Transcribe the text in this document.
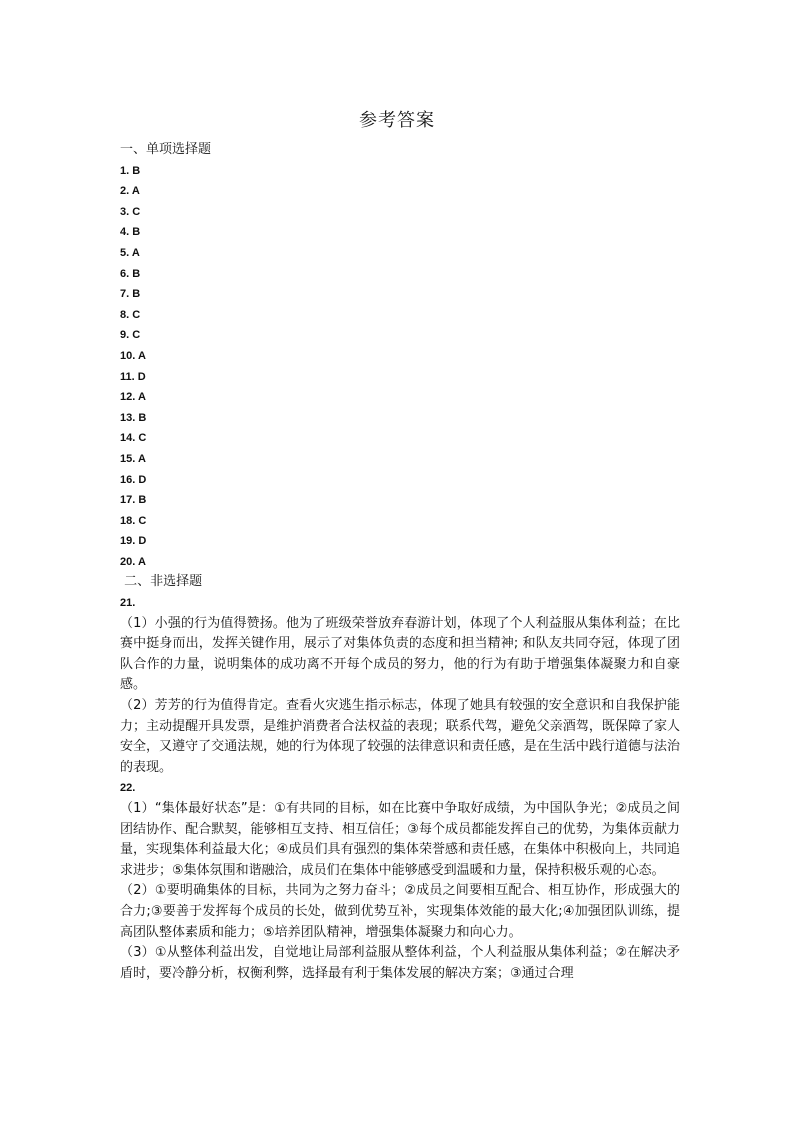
参考答案
一、单项选择题
1. B
2. A
3. C
4. B
5. A
6. B
7. B
8. C
9. C
10. A
11. D
12. A
13. B
14. C
15. A
16. D
17. B
18. C
19. D
20. A
二、非选择题
21.

（1）小强的行为值得赞扬。他为了班级荣誉放弃春游计划，体现了个人利益服从集体利益；在比赛中挺身而出，发挥关键作用，展示了对集体负责的态度和担当精神; 和队友共同夺冠，体现了团队合作的力量，说明集体的成功离不开每个成员的努力，他的行为有助于增强集体凝聚力和自豪感。

（2）芳芳的行为值得肯定。查看火灾逃生指示标志，体现了她具有较强的安全意识和自我保护能力；主动提醒开具发票，是维护消费者合法权益的表现；联系代驾，避免父亲酒驾，既保障了家人安全，又遵守了交通法规，她的行为体现了较强的法律意识和责任感，是在生活中践行道德与法治的表现。

22.

（1）“集体最好状态”是：①有共同的目标，如在比赛中争取好成绩，为中国队争光；②成员之间团结协作、配合默契，能够相互支持、相互信任；③每个成员都能发挥自己的优势，为集体贡献力量，实现集体利益最大化；④成员们具有强烈的集体荣誉感和责任感，在集体中积极向上，共同追求进步；⑤集体氛围和谐融洽，成员们在集体中能够感受到温暖和力量，保持积极乐观的心态。

（2）①要明确集体的目标，共同为之努力奋斗；②成员之间要相互配合、相互协作，形成强大的合力;③要善于发挥每个成员的长处，做到优势互补，实现集体效能的最大化;④加强团队训练，提高团队整体素质和能力；⑤培养团队精神，增强集体凝聚力和向心力。

（3）①从整体利益出发，自觉地让局部利益服从整体利益，个人利益服从集体利益；②在解决矛盾时，要冷静分析，权衡利弊，选择最有利于集体发展的解决方案；③通过合理
